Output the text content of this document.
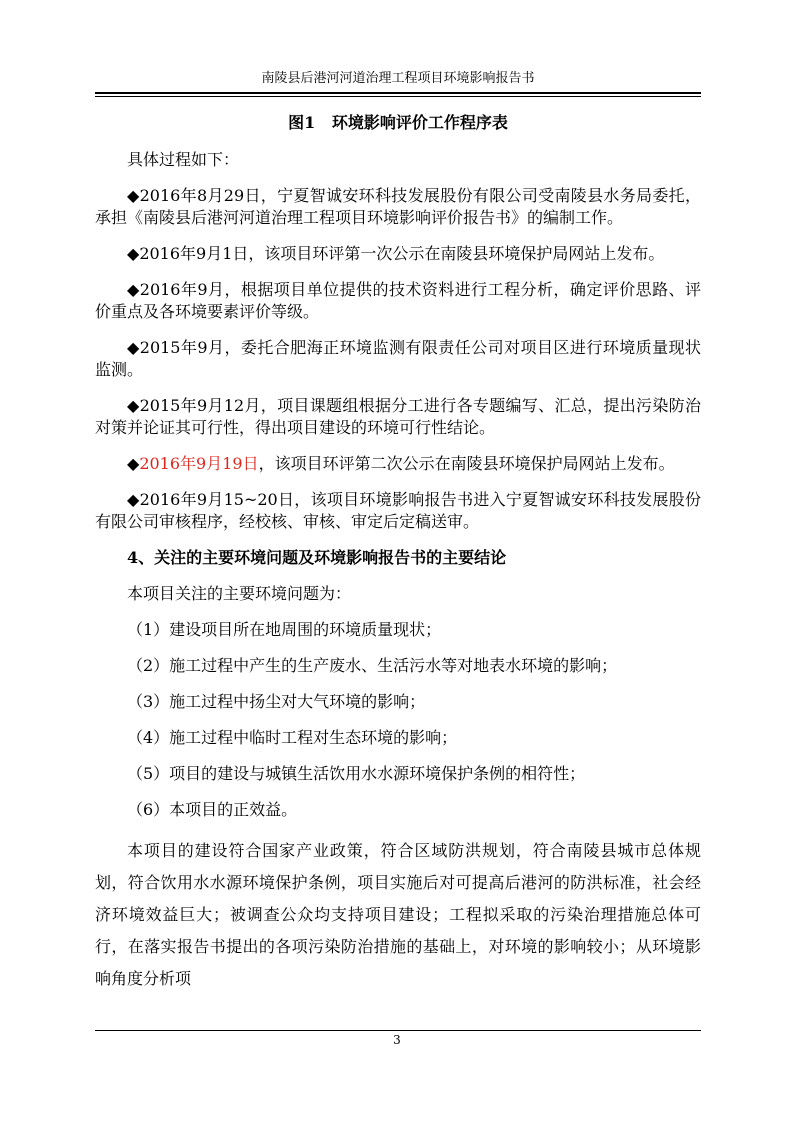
南陵县后港河河道治理工程项目环境影响报告书
图1   环境影响评价工作程序表

具体过程如下：

◆2016年8月29日，宁夏智诚安环科技发展股份有限公司受南陵县水务局委托，承担《南陵县后港河河道治理工程项目环境影响评价报告书》的编制工作。

◆2016年9月1日，该项目环评第一次公示在南陵县环境保护局网站上发布。

◆2016年9月，根据项目单位提供的技术资料进行工程分析，确定评价思路、评价重点及各环境要素评价等级。

◆2015年9月，委托合肥海正环境监测有限责任公司对项目区进行环境质量现状监测。

◆2015年9月12月，项目课题组根据分工进行各专题编写、汇总，提出污染防治对策并论证其可行性，得出项目建设的环境可行性结论。

◆2016年9月19日，该项目环评第二次公示在南陵县环境保护局网站上发布。

◆2016年9月15~20日，该项目环境影响报告书进入宁夏智诚安环科技发展股份有限公司审核程序，经校核、审核、审定后定稿送审。

4、关注的主要环境问题及环境影响报告书的主要结论

本项目关注的主要环境问题为：

（1）建设项目所在地周围的环境质量现状；

（2）施工过程中产生的生产废水、生活污水等对地表水环境的影响；

（3）施工过程中扬尘对大气环境的影响；

（4）施工过程中临时工程对生态环境的影响；

（5）项目的建设与城镇生活饮用水水源环境保护条例的相符性；

（6）本项目的正效益。

本项目的建设符合国家产业政策，符合区域防洪规划，符合南陵县城市总体规划，符合饮用水水源环境保护条例，项目实施后对可提高后港河的防洪标准，社会经济环境效益巨大；被调查公众均支持项目建设；工程拟采取的污染治理措施总体可行，在落实报告书提出的各项污染防治措施的基础上，对环境的影响较小；从环境影响角度分析项

3
